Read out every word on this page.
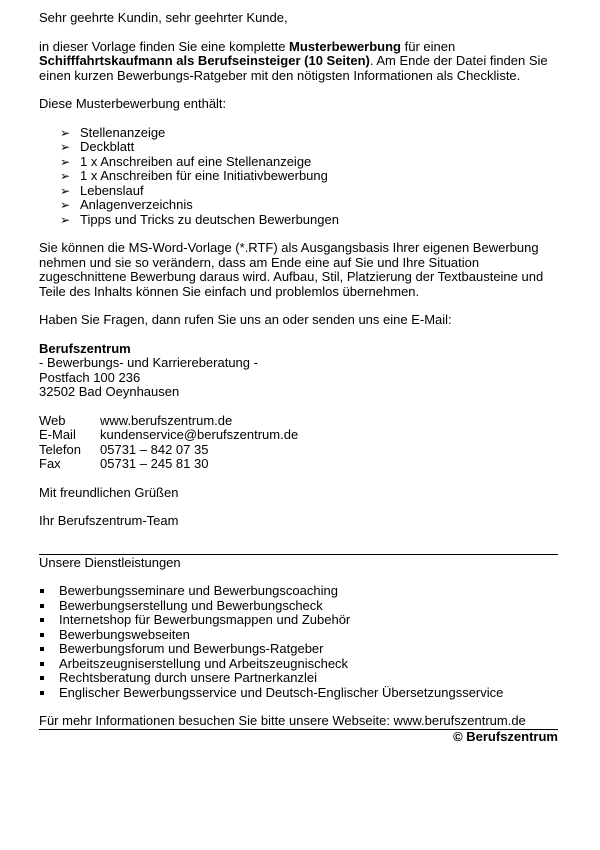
Sehr geehrte Kundin, sehr geehrter Kunde,

in dieser Vorlage finden Sie eine komplette Musterbewerbung für einen Schifffahrtskaufmann als Berufseinsteiger (10 Seiten). Am Ende der Datei finden Sie einen kurzen Bewerbungs-Ratgeber mit den nötigsten Informationen als Checkliste.

Diese Musterbewerbung enthält:

➢ Stellenanzeige
➢ Deckblatt
➢ 1 x Anschreiben auf eine Stellenanzeige
➢ 1 x Anschreiben für eine Initiativbewerbung
➢ Lebenslauf
➢ Anlagenverzeichnis
➢ Tipps und Tricks zu deutschen Bewerbungen

Sie können die MS-Word-Vorlage (*.RTF) als Ausgangsbasis Ihrer eigenen Bewerbung nehmen und sie so verändern, dass am Ende eine auf Sie und Ihre Situation zugeschnittene Bewerbung daraus wird. Aufbau, Stil, Platzierung der Textbausteine und Teile des Inhalts können Sie einfach und problemlos übernehmen.

Haben Sie Fragen, dann rufen Sie uns an oder senden uns eine E-Mail:

Berufszentrum

- Bewerbungs- und Karriereberatung -

Postfach 100 236

32502 Bad Oeynhausen

Web	www.berufszentrum.de
E-Mail	kundenservice@berufszentrum.de
Telefon	05731 – 842 07 35
Fax	05731 – 245 81 30

Mit freundlichen Grüßen

Ihr Berufszentrum-Team

Unsere Dienstleistungen

Bewerbungsseminare und Bewerbungscoaching
Bewerbungserstellung und Bewerbungscheck
Internetshop für Bewerbungsmappen und Zubehör
Bewerbungswebseiten
Bewerbungsforum und Bewerbungs-Ratgeber
Arbeitszeugniserstellung und Arbeitszeugnischeck
Rechtsberatung durch unsere Partnerkanzlei
Englischer Bewerbungsservice und Deutsch-Englischer Übersetzungsservice

Für mehr Informationen besuchen Sie bitte unsere Webseite: www.berufszentrum.de

© Berufszentrum
